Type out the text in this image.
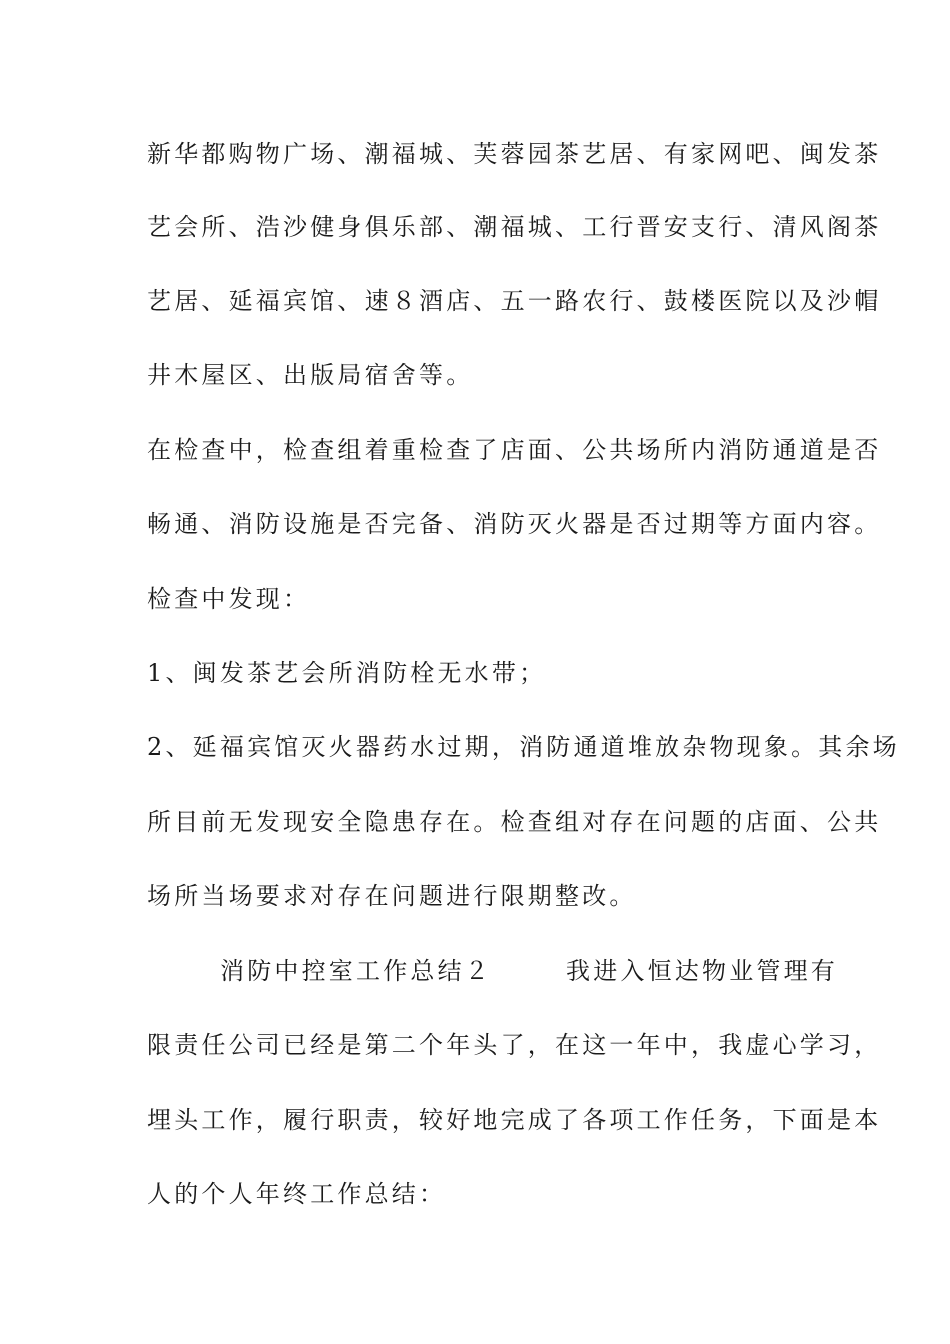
新华都购物广场、潮福城、芙蓉园茶艺居、有家网吧、闽发茶
艺会所、浩沙健身俱乐部、潮福城、工行晋安支行、清风阁茶
艺居、延福宾馆、速８酒店、五一路农行、鼓楼医院以及沙帽
井木屋区、出版局宿舍等。
在检查中，检查组着重检查了店面、公共场所内消防通道是否
畅通、消防设施是否完备、消防灭火器是否过期等方面内容。
检查中发现：
1、闽发茶艺会所消防栓无水带；
2、延福宾馆灭火器药水过期，消防通道堆放杂物现象。其余场
所目前无发现安全隐患存在。检查组对存在问题的店面、公共
场所当场要求对存在问题进行限期整改。
消防中控室工作总结２	我进入恒达物业管理有
限责任公司已经是第二个年头了，在这一年中，我虚心学习，
埋头工作，履行职责，较好地完成了各项工作任务，下面是本
人的个人年终工作总结：
